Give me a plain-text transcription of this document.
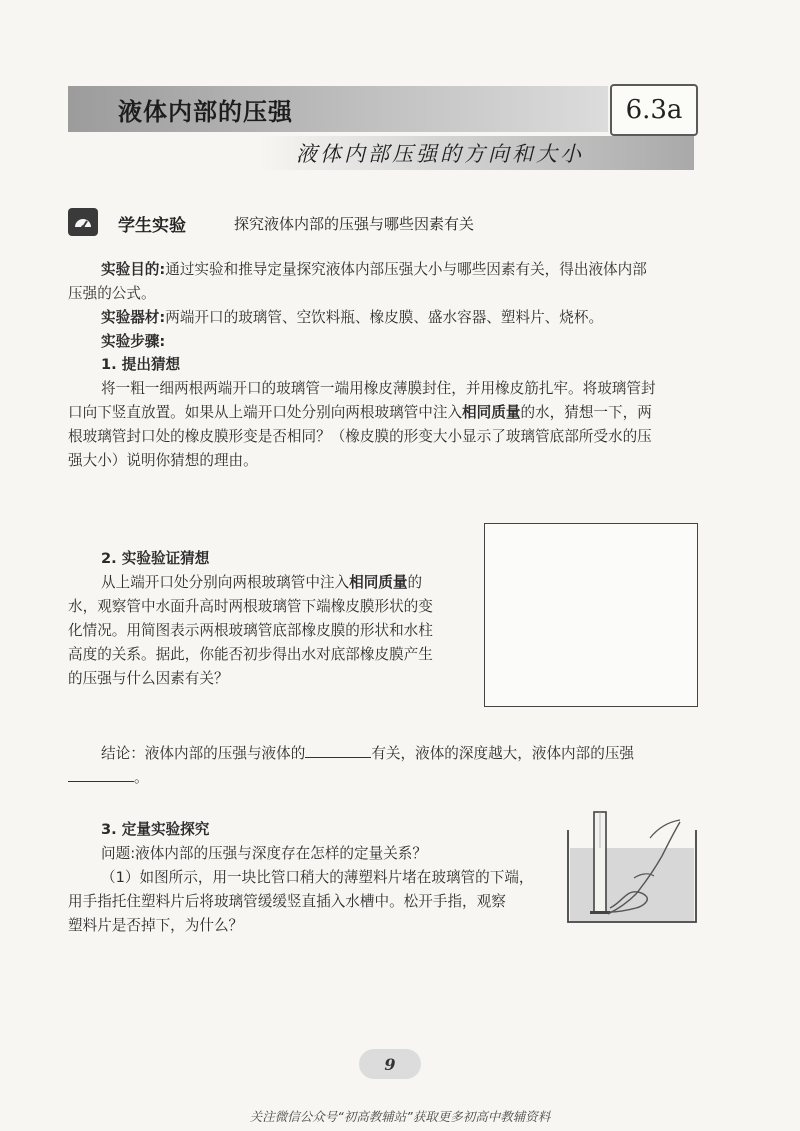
液体内部的压强	6.3a
液体内部压强的方向和大小
学生实验	探究液体内部的压强与哪些因素有关
实验目的:通过实验和推导定量探究液体内部压强大小与哪些因素有关，得出液体内部
压强的公式。
实验器材:两端开口的玻璃管、空饮料瓶、橡皮膜、盛水容器、塑料片、烧杯。
实验步骤:
1. 提出猜想
将一粗一细两根两端开口的玻璃管一端用橡皮薄膜封住，并用橡皮筋扎牢。将玻璃管封
口向下竖直放置。如果从上端开口处分别向两根玻璃管中注入相同质量的水，猜想一下，两
根玻璃管封口处的橡皮膜形变是否相同？（橡皮膜的形变大小显示了玻璃管底部所受水的压
强大小）说明你猜想的理由。
2. 实验验证猜想
从上端开口处分别向两根玻璃管中注入相同质量的
水，观察管中水面升高时两根玻璃管下端橡皮膜形状的变
化情况。用简图表示两根玻璃管底部橡皮膜的形状和水柱
高度的关系。据此，你能否初步得出水对底部橡皮膜产生
的压强与什么因素有关？
结论：液体内部的压强与液体的	有关，液体的深度越大，液体内部的压强
。
3. 定量实验探究
问题:液体内部的压强与深度存在怎样的定量关系？
（1）如图所示，用一块比管口稍大的薄塑料片堵在玻璃管的下端，
用手指托住塑料片后将玻璃管缓缓竖直插入水槽中。松开手指，观察
塑料片是否掉下，为什么？
9
关注微信公众号“初高教辅站”获取更多初高中教辅资料
